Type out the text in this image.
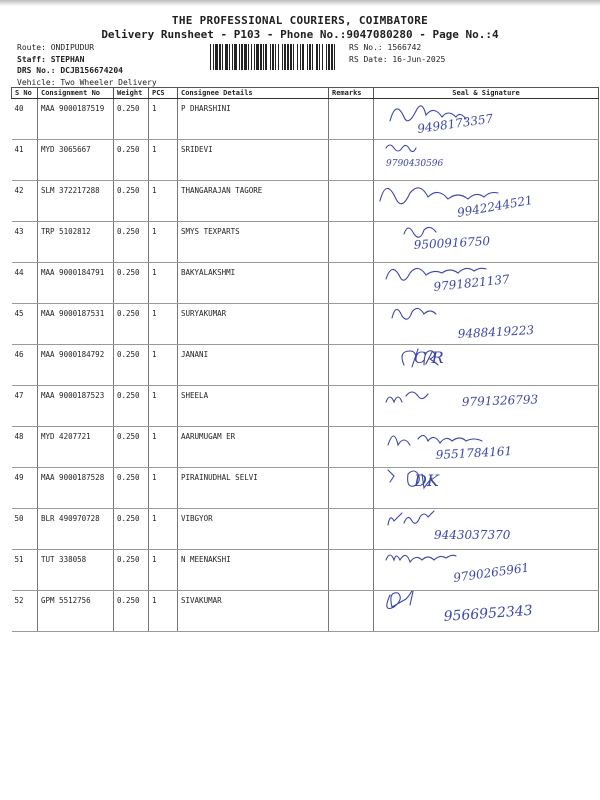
THE PROFESSIONAL COURIERS, COIMBATORE
Delivery Runsheet - P103 - Phone No.:9047080280 - Page No.:4
Route: ONDIPUDUR
Staff: STEPHAN
DRS No.: DCJB156674204
Vehicle: Two Wheeler Delivery
RS No.: 1566742
RS Date: 16-Jun-2025
S No	Consignment No	Weight	PCS	Consignee Details	Remarks	Seal & Signature
40	MAA 9000187519	0.250	1	P DHARSHINI		9498173357

41	MYD 3065667	0.250	1	SRIDEVI		9790430596

42	SLM 372217288	0.250	1	THANGARAJAN TAGORE		9942244521

43	TRP 5102812	0.250	1	SMYS TEXPARTS		9500916750

44	MAA 9000184791	0.250	1	BAKYALAKSHMI		9791821137

45	MAA 9000187531	0.250	1	SURYAKUMAR		9488419223

46	MAA 9000184792	0.250	1	JANANI		C/R

47	MAA 9000187523	0.250	1	SHEELA		9791326793

48	MYD 4207721	0.250	1	AARUMUGAM ER		9551784161

49	MAA 9000187528	0.250	1	PIRAINUDHAL SELVI		DK

50	BLR 490970728	0.250	1	VIBGYOR		9443037370

51	TUT 338058	0.250	1	N MEENAKSHI		9790265961

52	GPM 5512756	0.250	1	SIVAKUMAR		9566952343
